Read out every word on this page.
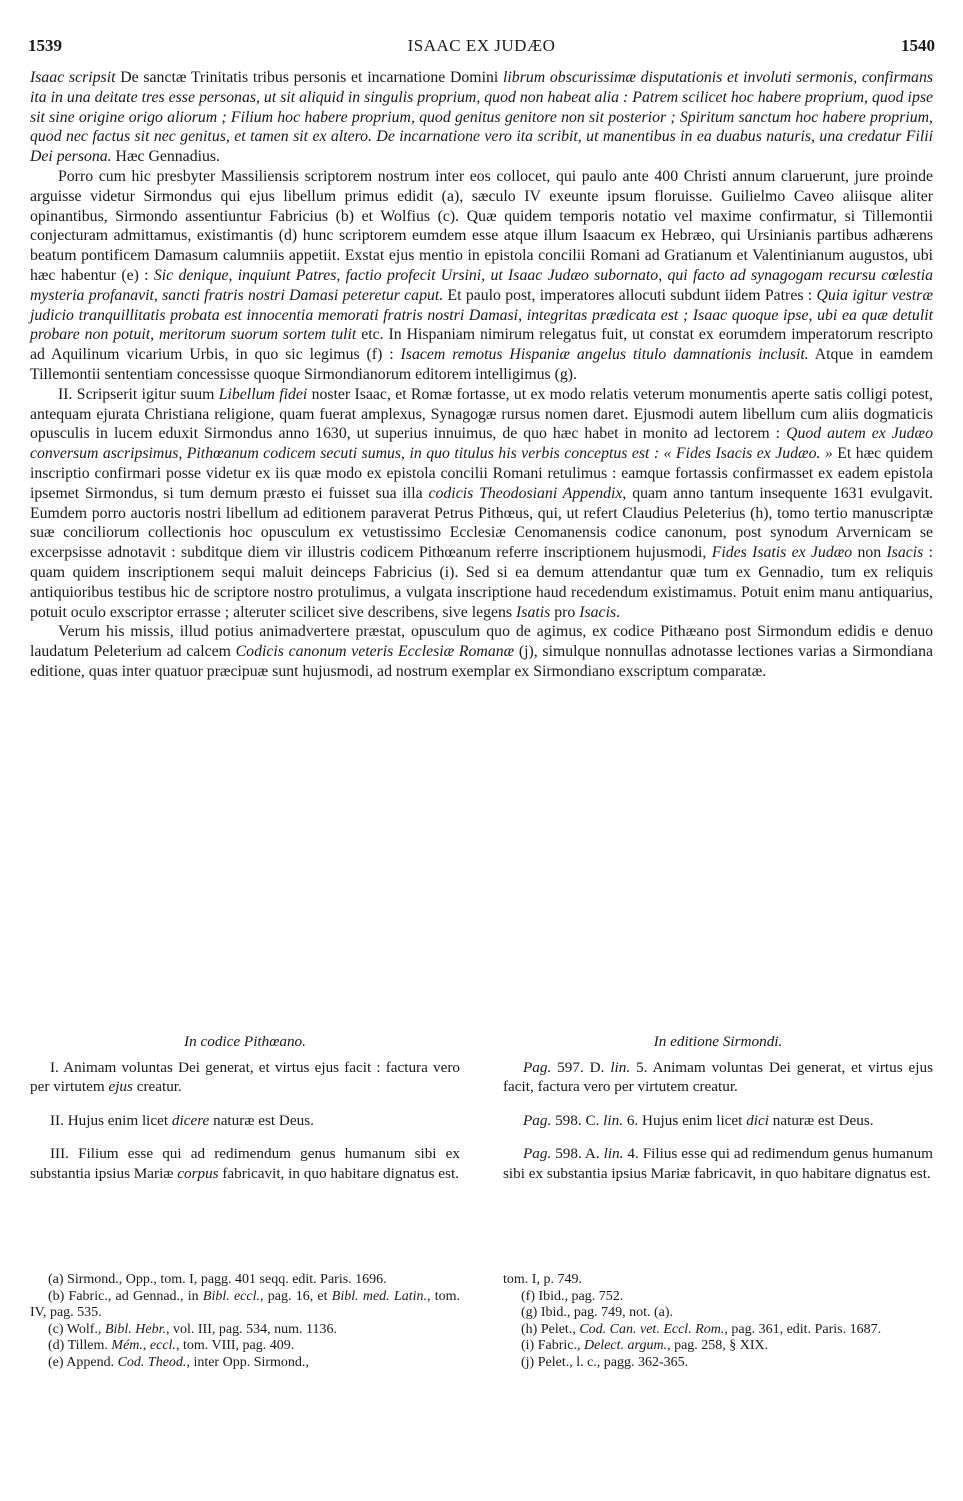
1539	ISAAC EX JUDÆO	1540

Isaac scripsit De sanctæ Trinitatis tribus personis et incarnatione Domini librum obscurissimæ disputationis et involuti sermonis, confirmans ita in una deitate tres esse personas, ut sit aliquid in singulis proprium, quod non habeat alia : Patrem scilicet hoc habere proprium, quod ipse sit sine origine origo aliorum ; Filium hoc habere proprium, quod genitus genitore non sit posterior ; Spiritum sanctum hoc habere proprium, quod nec factus sit nec genitus, et tamen sit ex altero. De incarnatione vero ita scribit, ut manentibus in ea duabus naturis, una credatur Filii Dei persona. Hæc Gennadius.

Porro cum hic presbyter Massiliensis scriptorem nostrum inter eos collocet, qui paulo ante 400 Christi annum claruerunt, jure proinde arguisse videtur Sirmondus qui ejus libellum primus edidit (a), sæculo IV exeunte ipsum floruisse. Guilielmo Caveo aliisque aliter opinantibus, Sirmondo assentiuntur Fabricius (b) et Wolfius (c). Quæ quidem temporis notatio vel maxime confirmatur, si Tillemontii conjecturam admittamus, existimantis (d) hunc scriptorem eumdem esse atque illum Isaacum ex Hebræo, qui Ursinianis partibus adhærens beatum pontificem Damasum calumniis appetiit. Exstat ejus mentio in epistola concilii Romani ad Gratianum et Valentinianum augustos, ubi hæc habentur (e) : Sic denique, inquiunt Patres, factio profecit Ursini, ut Isaac Judæo subornato, qui facto ad synagogam recursu cœlestia mysteria profanavit, sancti fratris nostri Damasi peteretur caput. Et paulo post, imperatores allocuti subdunt iidem Patres : Quia igitur vestræ judicio tranquillitatis probata est innocentia memorati fratris nostri Damasi, integritas prædicata est ; Isaac quoque ipse, ubi ea quæ detulit probare non potuit, meritorum suorum sortem tulit etc. In Hispaniam nimirum relegatus fuit, ut constat ex eorumdem imperatorum rescripto ad Aquilinum vicarium Urbis, in quo sic legimus (f) : Isacem remotus Hispaniæ angelus titulo damnationis inclusit. Atque in eamdem Tillemontii sententiam concessisse quoque Sirmondianorum editorem intelligimus (g).

II. Scripserit igitur suum Libellum fidei noster Isaac, et Romæ fortasse, ut ex modo relatis veterum monumentis aperte satis colligi potest, antequam ejurata Christiana religione, quam fuerat amplexus, Synagogæ rursus nomen daret. Ejusmodi autem libellum cum aliis dogmaticis opusculis in lucem eduxit Sirmondus anno 1630, ut superius innuimus, de quo hæc habet in monito ad lectorem : Quod autem ex Judæo conversum ascripsimus, Pithœanum codicem secuti sumus, in quo titulus his verbis conceptus est : « Fides Isacis ex Judæo. » Et hæc quidem inscriptio confirmari posse videtur ex iis quæ modo ex epistola concilii Romani retulimus : eamque fortassis confirmasset ex eadem epistola ipsemet Sirmondus, si tum demum præsto ei fuisset sua illa codicis Theodosiani Appendix, quam anno tantum insequente 1631 evulgavit. Eumdem porro auctoris nostri libellum ad editionem paraverat Petrus Pithœus, qui, ut refert Claudius Peleterius (h), tomo tertio manuscriptæ suæ conciliorum collectionis hoc opusculum ex vetustissimo Ecclesiæ Cenomanensis codice canonum, post synodum Arvernicam se excerpsisse adnotavit : subditque diem vir illustris codicem Pithœanum referre inscriptionem hujusmodi, Fides Isatis ex Judæo non Isacis : quam quidem inscriptionem sequi maluit deinceps Fabricius (i). Sed si ea demum attendantur quæ tum ex Gennadio, tum ex reliquis antiquioribus testibus hic de scriptore nostro protulimus, a vulgata inscriptione haud recedendum existimamus. Potuit enim manu antiquarius, potuit oculo exscriptor errasse ; alteruter scilicet sive describens, sive legens Isatis pro Isacis.

Verum his missis, illud potius animadvertere præstat, opusculum quo de agimus, ex codice Pithæano post Sirmondum edidis e denuo laudatum Peleterium ad calcem Codicis canonum veteris Ecclesiæ Romanæ (j), simulque nonnullas adnotasse lectiones varias a Sirmondiana editione, quas inter quatuor præcipuæ sunt hujusmodi, ad nostrum exemplar ex Sirmondiano exscriptum comparatæ.

In codice Pithœano.

I. Animam voluntas Dei generat, et virtus ejus facit : factura vero per virtutem ejus creatur.

II. Hujus enim licet dicere naturæ est Deus.

III. Filium esse qui ad redimendum genus humanum sibi ex substantia ipsius Mariæ corpus fabricavit, in quo habitare dignatus est.

In editione Sirmondi.

Pag. 597. D. lin. 5. Animam voluntas Dei generat, et virtus ejus facit, factura vero per virtutem creatur.

Pag. 598. C. lin. 6. Hujus enim licet dici naturæ est Deus.

Pag. 598. A. lin. 4. Filius esse qui ad redimendum genus humanum sibi ex substantia ipsius Mariæ fabricavit, in quo habitare dignatus est.

(a) Sirmond., Opp., tom. I, pagg. 401 seqq. edit. Paris. 1696.

(b) Fabric., ad Gennad., in Bibl. eccl., pag. 16, et Bibl. med. Latin., tom. IV, pag. 535.

(c) Wolf., Bibl. Hebr., vol. III, pag. 534, num. 1136.

(d) Tillem. Mém., eccl., tom. VIII, pag. 409.

(e) Append. Cod. Theod., inter Opp. Sirmond.,

tom. I, p. 749.

(f) Ibid., pag. 752.

(g) Ibid., pag. 749, not. (a).

(h) Pelet., Cod. Can. vet. Eccl. Rom., pag. 361, edit. Paris. 1687.

(i) Fabric., Delect. argum., pag. 258, § XIX.

(j) Pelet., l. c., pagg. 362-365.
